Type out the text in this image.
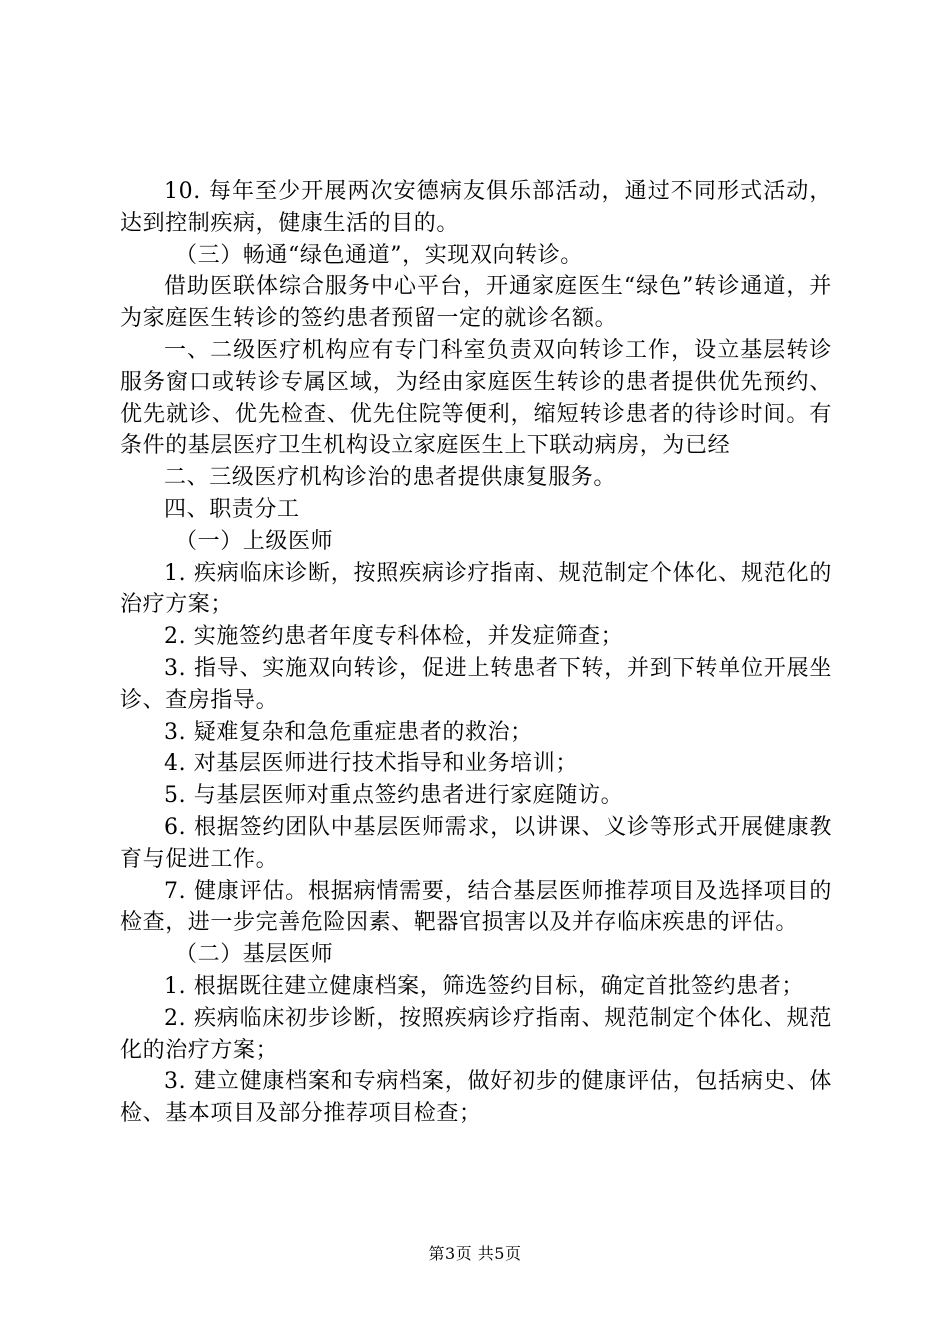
10. 每年至少开展两次安德病友俱乐部活动，通过不同形式活动，达到控制疾病，健康生活的目的。

（三）畅通“绿色通道”，实现双向转诊。

借助医联体综合服务中心平台，开通家庭医生“绿色”转诊通道，并为家庭医生转诊的签约患者预留一定的就诊名额。

一、二级医疗机构应有专门科室负责双向转诊工作，设立基层转诊服务窗口或转诊专属区域，为经由家庭医生转诊的患者提供优先预约、优先就诊、优先检查、优先住院等便利，缩短转诊患者的待诊时间。有条件的基层医疗卫生机构设立家庭医生上下联动病房，为已经

二、三级医疗机构诊治的患者提供康复服务。

四、职责分工

（一）上级医师

1. 疾病临床诊断，按照疾病诊疗指南、规范制定个体化、规范化的治疗方案；

2. 实施签约患者年度专科体检，并发症筛查；

3. 指导、实施双向转诊，促进上转患者下转，并到下转单位开展坐诊、查房指导。

3. 疑难复杂和急危重症患者的救治；

4. 对基层医师进行技术指导和业务培训；

5. 与基层医师对重点签约患者进行家庭随访。

6. 根据签约团队中基层医师需求，以讲课、义诊等形式开展健康教育与促进工作。

7. 健康评估。根据病情需要，结合基层医师推荐项目及选择项目的检查，进一步完善危险因素、靶器官损害以及并存临床疾患的评估。

（二）基层医师

1. 根据既往建立健康档案，筛选签约目标，确定首批签约患者；

2. 疾病临床初步诊断，按照疾病诊疗指南、规范制定个体化、规范化的治疗方案；

3. 建立健康档案和专病档案，做好初步的健康评估，包括病史、体检、基本项目及部分推荐项目检查；

第3页 共5页
